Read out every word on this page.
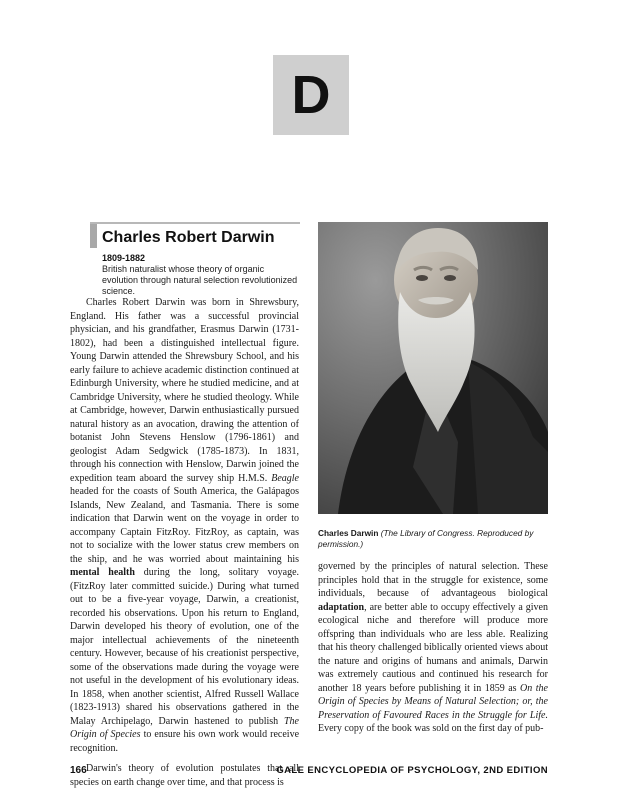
D
Charles Robert Darwin
1809-1882
British naturalist whose theory of organic evolution through natural selection revolutionized science.

Charles Robert Darwin was born in Shrewsbury, England. His father was a successful provincial physician, and his grandfather, Erasmus Darwin (1731-1802), had been a distinguished intellectual figure. Young Darwin attended the Shrewsbury School, and his early failure to achieve academic distinction continued at Edinburgh University, where he studied medicine, and at Cambridge University, where he studied theology. While at Cambridge, however, Darwin enthusiastically pursued natural history as an avocation, drawing the attention of botanist John Stevens Henslow (1796-1861) and geologist Adam Sedgwick (1785-1873). In 1831, through his connection with Henslow, Darwin joined the expedition team aboard the survey ship H.M.S. Beagle headed for the coasts of South America, the Galápagos Islands, New Zealand, and Tasmania. There is some indication that Darwin went on the voyage in order to accompany Captain FitzRoy. FitzRoy, as captain, was not to socialize with the lower status crew members on the ship, and he was worried about maintaining his mental health during the long, solitary voyage. (FitzRoy later committed suicide.) During what turned out to be a five-year voyage, Darwin, a creationist, recorded his observations. Upon his return to England, Darwin developed his theory of evolution, one of the major intellectual achievements of the nineteenth century. However, because of his creationist perspective, some of the observations made during the voyage were not useful in the development of his evolutionary ideas. In 1858, when another scientist, Alfred Russell Wallace (1823-1913) shared his observations gathered in the Malay Archipelago, Darwin hastened to publish The Origin of Species to ensure his own work would receive recognition.

Darwin's theory of evolution postulates that all species on earth change over time, and that process is

Charles Darwin (The Library of Congress. Reproduced by permission.)

governed by the principles of natural selection. These principles hold that in the struggle for existence, some individuals, because of advantageous biological adaptation, are better able to occupy effectively a given ecological niche and therefore will produce more offspring than individuals who are less able. Realizing that his theory challenged biblically oriented views about the nature and origins of humans and animals, Darwin was extremely cautious and continued his research for another 18 years before publishing it in 1859 as On the Origin of Species by Means of Natural Selection; or, the Preservation of Favoured Races in the Struggle for Life. Every copy of the book was sold on the first day of pub-

166	GALE ENCYCLOPEDIA OF PSYCHOLOGY, 2ND EDITION
